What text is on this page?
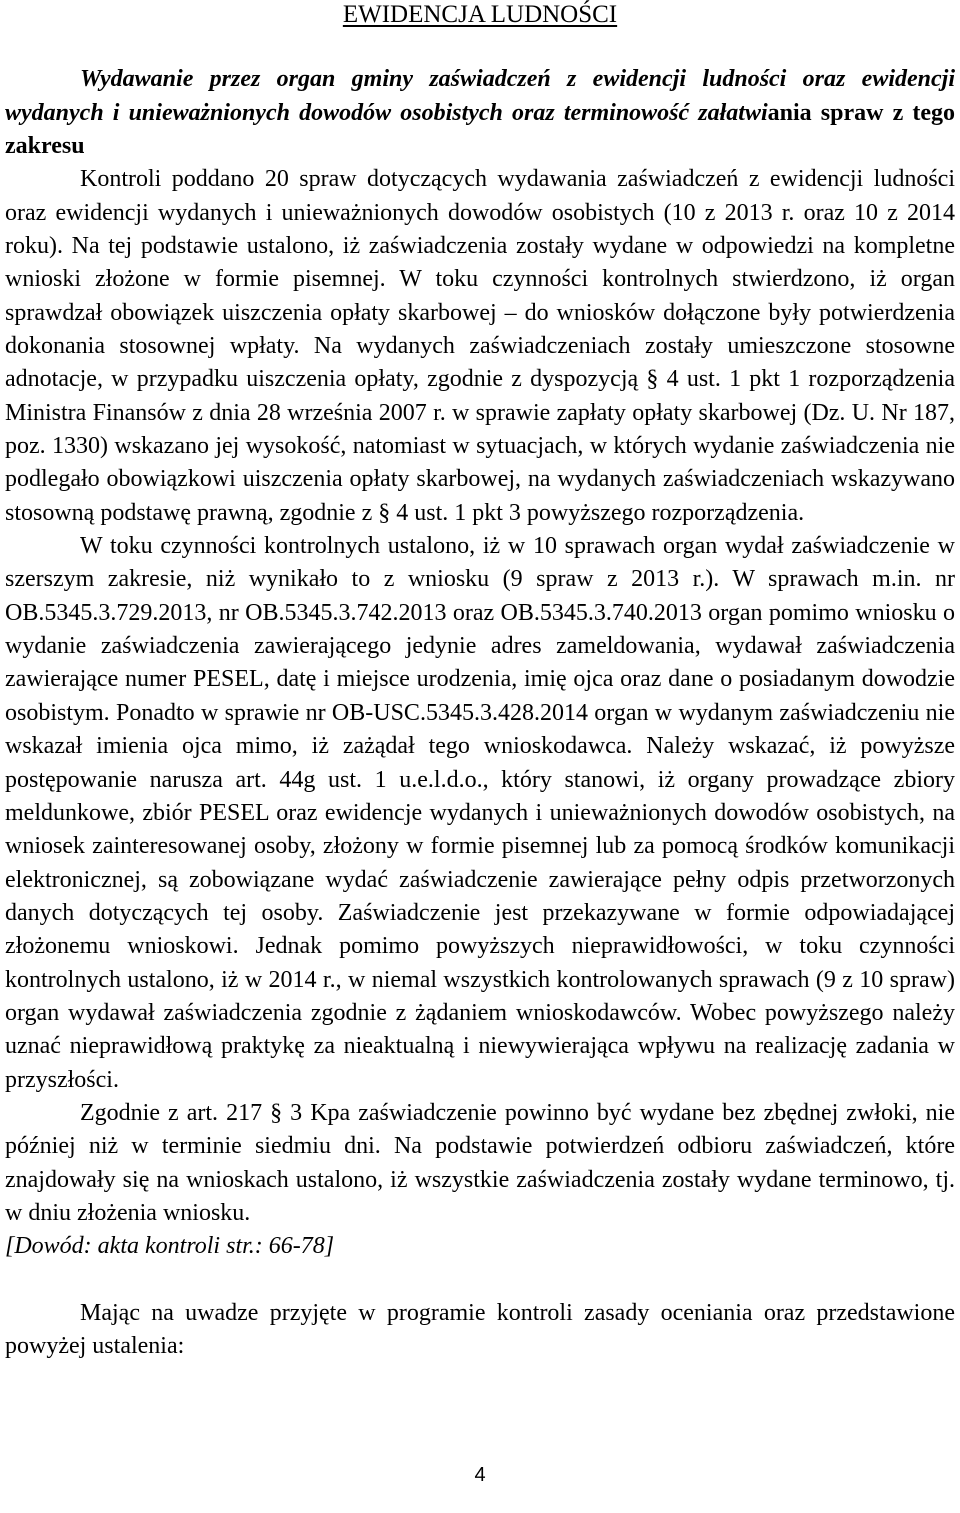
EWIDENCJA LUDNOŚCI
Wydawanie przez organ gminy zaświadczeń z ewidencji ludności oraz ewidencji wydanych i unieważnionych dowodów osobistych oraz terminowość załatwiania spraw z tego zakresu

Kontroli poddano 20 spraw dotyczących wydawania zaświadczeń z ewidencji ludności oraz ewidencji wydanych i unieważnionych dowodów osobistych (10 z 2013 r. oraz 10 z 2014 roku). Na tej podstawie ustalono, iż zaświadczenia zostały wydane w odpowiedzi na kompletne wnioski złożone w formie pisemnej. W toku czynności kontrolnych stwierdzono, iż organ sprawdzał obowiązek uiszczenia opłaty skarbowej – do wniosków dołączone były potwierdzenia dokonania stosownej wpłaty. Na wydanych zaświadczeniach zostały umieszczone stosowne adnotacje, w przypadku uiszczenia opłaty, zgodnie z dyspozycją § 4 ust. 1 pkt 1 rozporządzenia Ministra Finansów z dnia 28 września 2007 r. w sprawie zapłaty opłaty skarbowej (Dz. U. Nr 187, poz. 1330) wskazano jej wysokość, natomiast w sytuacjach, w których wydanie zaświadczenia nie podlegało obowiązkowi uiszczenia opłaty skarbowej, na wydanych zaświadczeniach wskazywano stosowną podstawę prawną, zgodnie z § 4 ust. 1 pkt 3 powyższego rozporządzenia.

W toku czynności kontrolnych ustalono, iż w 10 sprawach organ wydał zaświadczenie w szerszym zakresie, niż wynikało to z wniosku (9 spraw z 2013 r.). W sprawach m.in. nr OB.5345.3.729.2013, nr OB.5345.3.742.2013 oraz OB.5345.3.740.2013 organ pomimo wniosku o wydanie zaświadczenia zawierającego jedynie adres zameldowania, wydawał zaświadczenia zawierające numer PESEL, datę i miejsce urodzenia, imię ojca oraz dane o posiadanym dowodzie osobistym. Ponadto w sprawie nr OB-USC.5345.3.428.2014 organ w wydanym zaświadczeniu nie wskazał imienia ojca mimo, iż zażądał tego wnioskodawca. Należy wskazać, iż powyższe postępowanie narusza art. 44g ust. 1 u.e.l.d.o., który stanowi, iż organy prowadzące zbiory meldunkowe, zbiór PESEL oraz ewidencje wydanych i unieważnionych dowodów osobistych, na wniosek zainteresowanej osoby, złożony w formie pisemnej lub za pomocą środków komunikacji elektronicznej, są zobowiązane wydać zaświadczenie zawierające pełny odpis przetworzonych danych dotyczących tej osoby. Zaświadczenie jest przekazywane w formie odpowiadającej złożonemu wnioskowi. Jednak pomimo powyższych nieprawidłowości, w toku czynności kontrolnych ustalono, iż w 2014 r., w niemal wszystkich kontrolowanych sprawach (9 z 10 spraw) organ wydawał zaświadczenia zgodnie z żądaniem wnioskodawców. Wobec powyższego należy uznać nieprawidłową praktykę za nieaktualną i niewywierająca wpływu na realizację zadania w przyszłości.

Zgodnie z art. 217 § 3 Kpa zaświadczenie powinno być wydane bez zbędnej zwłoki, nie później niż w terminie siedmiu dni. Na podstawie potwierdzeń odbioru zaświadczeń, które znajdowały się na wnioskach ustalono, iż wszystkie zaświadczenia zostały wydane terminowo, tj. w dniu złożenia wniosku.

[Dowód: akta kontroli str.: 66-78]

Mając na uwadze przyjęte w programie kontroli zasady oceniania oraz przedstawione powyżej ustalenia:

4
